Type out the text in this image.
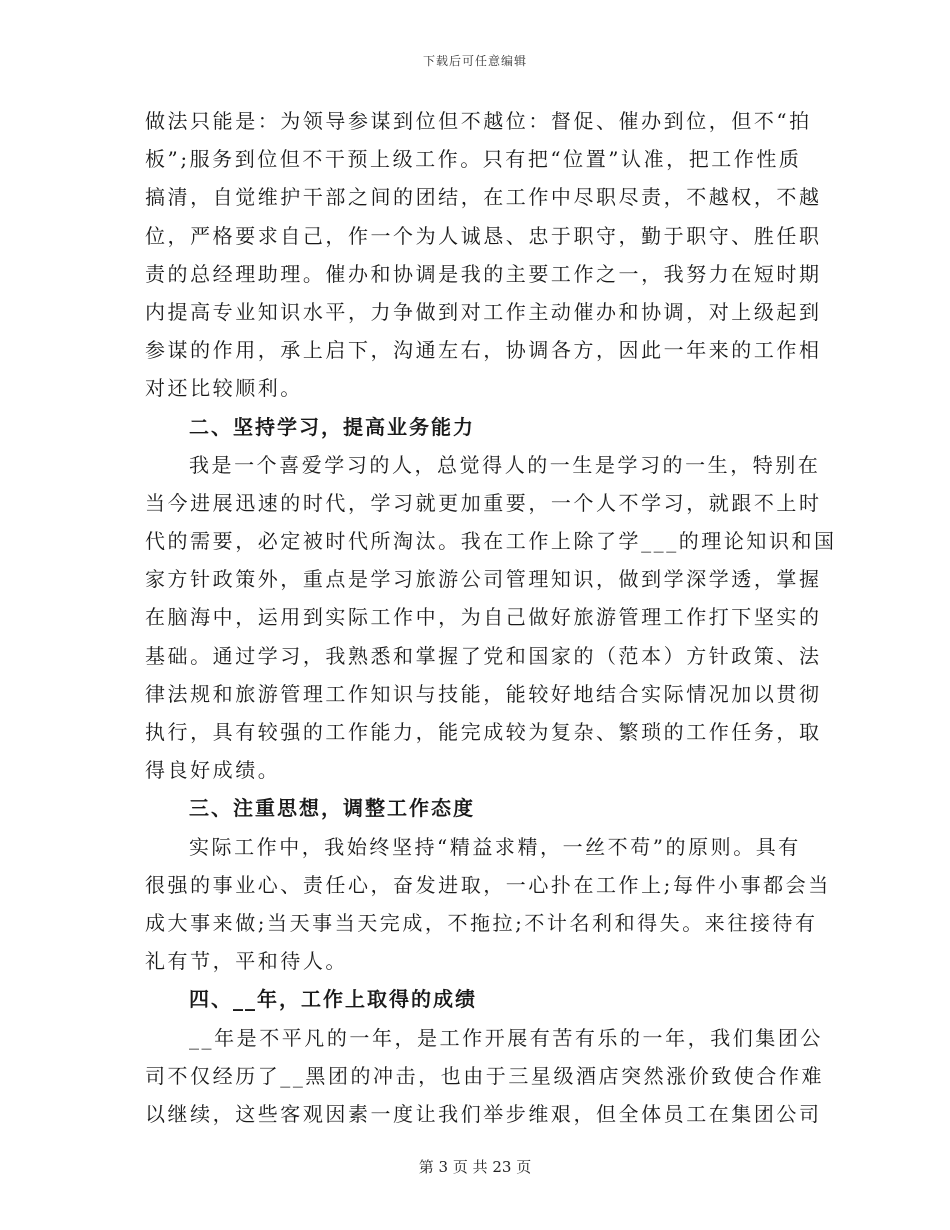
下载后可任意编辑
做法只能是：为领导参谋到位但不越位：督促、催办到位，但不“拍
板”;服务到位但不干预上级工作。只有把“位置”认准，把工作性质
搞清，自觉维护干部之间的团结，在工作中尽职尽责，不越权，不越
位，严格要求自己，作一个为人诚恳、忠于职守，勤于职守、胜任职
责的总经理助理。催办和协调是我的主要工作之一，我努力在短时期
内提高专业知识水平，力争做到对工作主动催办和协调，对上级起到
参谋的作用，承上启下，沟通左右，协调各方，因此一年来的工作相
对还比较顺利。
二、坚持学习，提高业务能力
我是一个喜爱学习的人，总觉得人的一生是学习的一生，特别在
当今进展迅速的时代，学习就更加重要，一个人不学习，就跟不上时
代的需要，必定被时代所淘汰。我在工作上除了学___的理论知识和国
家方针政策外，重点是学习旅游公司管理知识，做到学深学透，掌握
在脑海中，运用到实际工作中，为自己做好旅游管理工作打下坚实的
基础。通过学习，我熟悉和掌握了党和国家的（范本）方针政策、法
律法规和旅游管理工作知识与技能，能较好地结合实际情况加以贯彻
执行，具有较强的工作能力，能完成较为复杂、繁琐的工作任务，取
得良好成绩。
三、注重思想，调整工作态度
实际工作中，我始终坚持“精益求精，一丝不苟”的原则。具有
很强的事业心、责任心，奋发进取，一心扑在工作上;每件小事都会当
成大事来做;当天事当天完成，不拖拉;不计名利和得失。来往接待有
礼有节，平和待人。
四、__年，工作上取得的成绩
__年是不平凡的一年，是工作开展有苦有乐的一年，我们集团公
司不仅经历了__黑团的冲击，也由于三星级酒店突然涨价致使合作难
以继续，这些客观因素一度让我们举步维艰，但全体员工在集团公司
第 3 页 共 23 页
